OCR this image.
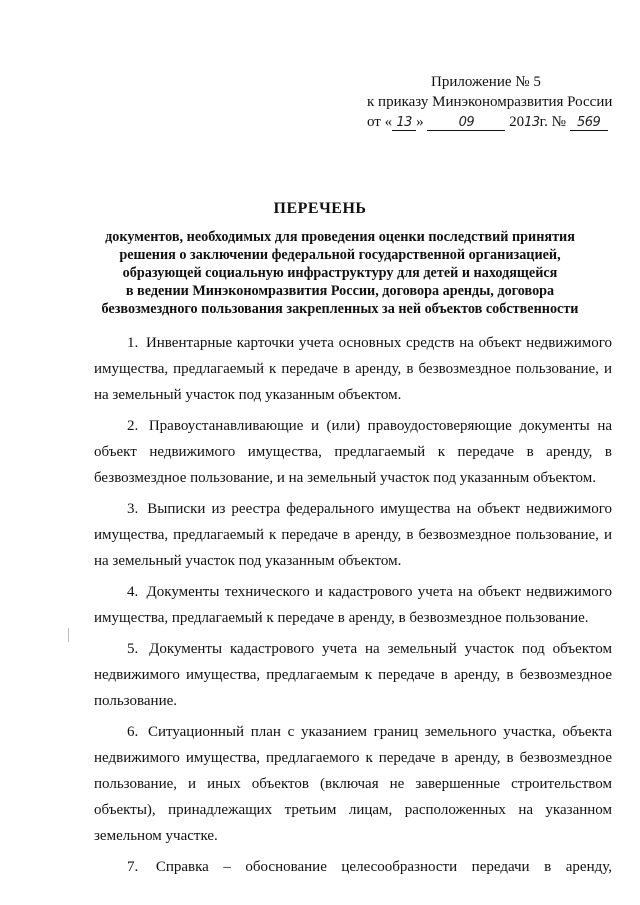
Приложение № 5
к приказу Минэкономразвития России
от « 13 »	09 2013г. № 569
ПЕРЕЧЕНЬ
документов, необходимых для проведения оценки последствий принятия
решения о заключении федеральной государственной организацией,
образующей социальную инфраструктуру для детей и находящейся
в ведении Минэкономразвития России, договора аренды, договора
безвозмездного пользования закрепленных за ней объектов собственности

1. Инвентарные карточки учета основных средств на объект недвижимого имущества, предлагаемый к передаче в аренду, в безвозмездное пользование, и на земельный участок под указанным объектом.

2. Правоустанавливающие и (или) правоудостоверяющие документы на объект недвижимого имущества, предлагаемый к передаче в аренду, в безвозмездное пользование, и на земельный участок под указанным объектом.

3. Выписки из реестра федерального имущества на объект недвижимого имущества, предлагаемый к передаче в аренду, в безвозмездное пользование, и на земельный участок под указанным объектом.

4. Документы технического и кадастрового учета на объект недвижимого имущества, предлагаемый к передаче в аренду, в безвозмездное пользование.

5. Документы кадастрового учета на земельный участок под объектом недвижимого имущества, предлагаемым к передаче в аренду, в безвозмездное пользование.

6. Ситуационный план с указанием границ земельного участка, объекта недвижимого имущества, предлагаемого к передаче в аренду, в безвозмездное пользование, и иных объектов (включая не завершенные строительством объекты), принадлежащих третьим лицам, расположенных на указанном земельном участке.

7. Справка – обоснование целесообразности передачи в аренду,
